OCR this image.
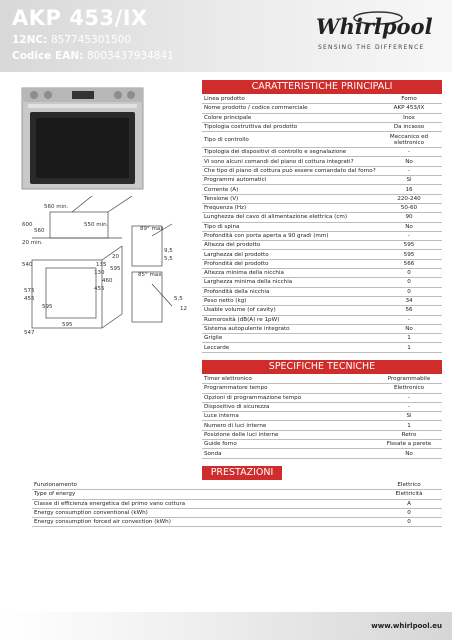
AKP 453/IX
12NC: 857745301500
Codice EAN: 8003437934841
Whirlpool
SENSING THE DIFFERENCE
560 min.
550 min.
600
560
20 min.
540	135
20
130
595
460
455
575
455
595
595
547
89° max
9,5
5,5
85° max
5,5
12
CARATTERISTICHE PRINCIPALI
Linea prodotto	Forno
Nome prodotto / codice commerciale	AKP 453/IX
Colore principale	Inox
Tipologia costruttiva del prodotto	Da incasso
Tipo di controllo	Meccanico ed elettronico
Tipologia dei dispositivi di controllo e segnalazione	-
Vi sono alcuni comandi del piano di cottura integrati?	No
Che tipo di piano di cottura può essere comandato dal forno?	-
Programmi automatici	Sì
Corrente (A)	16
Tensione (V)	220-240
Frequenza (Hz)	50-60
Lunghezza del cavo di alimentazione elettrica (cm)	90
Tipo di spina	No
Profondità con porta aperta a 90 gradi (mm)	-
Altezza del prodotto	595
Larghezza del prodotto	595
Profondità del prodotto	566
Altezza minima della nicchia	0
Larghezza minima della nicchia	0
Profondità della nicchia	0
Peso netto (kg)	34
Usable volume (of cavity)	56
Rumorosità (dB(A) re 1pW)	-
Sistema autopulente integrato	No
Griglie	1
Leccarde	1
SPECIFICHE TECNICHE
Timer elettronico	Programmabile
Programmatore tempo	Elettronico
Opzioni di programmazione tempo	-
Dispositivo di sicurezza	-
Luce interna	Sì
Numero di luci interne	1
Posizione delle luci interne	Retro
Guide forno	Fissate a parete
Sonda	No
PRESTAZIONI
Funzionamento	Elettrico
Type of energy	Elettricità
Classe di efficienza energetica del primo vano cottura	A
Energy consumption conventional (kWh)	0
Energy consumption forced air convection (kWh)	0
www.whirlpool.eu
